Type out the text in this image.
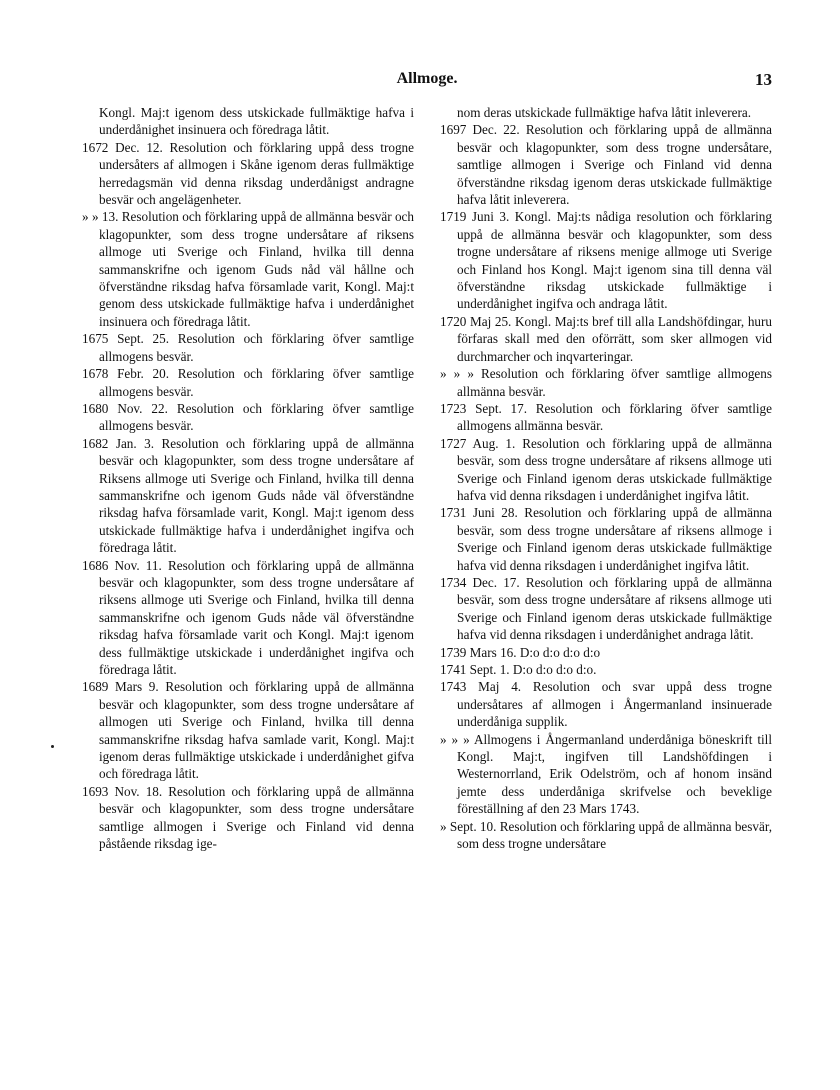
Allmoge.	13

Kongl. Maj:t igenom dess utskickade fullmäktige hafva i underdånighet insinuera och föredraga låtit.

1672 Dec. 12. Resolution och förklaring uppå dess trogne undersåters af allmogen i Skåne igenom deras fullmäktige herredagsmän vid denna riksdag underdånigst andragne besvär och angelägenheter.

» » 13. Resolution och förklaring uppå de allmänna besvär och klagopunkter, som dess trogne undersåtare af riksens allmoge uti Sverige och Finland, hvilka till denna sammanskrifne och igenom Guds nåd väl hållne och öfverständne riksdag hafva församlade varit, Kongl. Maj:t genom dess utskickade fullmäktige hafva i underdånighet insinuera och föredraga låtit.

1675 Sept. 25. Resolution och förklaring öfver samtlige allmogens besvär.

1678 Febr. 20. Resolution och förklaring öfver samtlige allmogens besvär.

1680 Nov. 22. Resolution och förklaring öfver samtlige allmogens besvär.

1682 Jan. 3. Resolution och förklaring uppå de allmänna besvär och klagopunkter, som dess trogne undersåtare af Riksens allmoge uti Sverige och Finland, hvilka till denna sammanskrifne och igenom Guds nåde väl öfverständne riksdag hafva församlade varit, Kongl. Maj:t igenom dess utskickade fullmäktige hafva i underdånighet ingifva och föredraga låtit.

1686 Nov. 11. Resolution och förklaring uppå de allmänna besvär och klagopunkter, som dess trogne undersåtare af riksens allmoge uti Sverige och Finland, hvilka till denna sammanskrifne och igenom Guds nåde väl öfverständne riksdag hafva församlade varit och Kongl. Maj:t igenom dess fullmäktige utskickade i underdånighet ingifva och föredraga låtit.

1689 Mars 9. Resolution och förklaring uppå de allmänna besvär och klagopunkter, som dess trogne undersåtare af allmogen uti Sverige och Finland, hvilka till denna sammanskrifne riksdag hafva samlade varit, Kongl. Maj:t igenom deras fullmäktige utskickade i underdånighet gifva och föredraga låtit.

1693 Nov. 18. Resolution och förklaring uppå de allmänna besvär och klagopunkter, som dess trogne undersåtare samtlige allmogen i Sverige och Finland vid denna påstående riksdag ige-

nom deras utskickade fullmäktige hafva låtit inleverera.

1697 Dec. 22. Resolution och förklaring uppå de allmänna besvär och klagopunkter, som dess trogne undersåtare, samtlige allmogen i Sverige och Finland vid denna öfverständne riksdag igenom deras utskickade fullmäktige hafva låtit inleverera.

1719 Juni 3. Kongl. Maj:ts nådiga resolution och förklaring uppå de allmänna besvär och klagopunkter, som dess trogne undersåtare af riksens menige allmoge uti Sverige och Finland hos Kongl. Maj:t igenom sina till denna väl öfverständne riksdag utskickade fullmäktige i underdånighet ingifva och andraga låtit.

1720 Maj 25. Kongl. Maj:ts bref till alla Landshöfdingar, huru förfaras skall med den oförrätt, som sker allmogen vid durchmarcher och inqvarteringar.

» » » Resolution och förklaring öfver samtlige allmogens allmänna besvär.

1723 Sept. 17. Resolution och förklaring öfver samtlige allmogens allmänna besvär.

1727 Aug. 1. Resolution och förklaring uppå de allmänna besvär, som dess trogne undersåtare af riksens allmoge uti Sverige och Finland igenom deras utskickade fullmäktige hafva vid denna riksdagen i underdånighet ingifva låtit.

1731 Juni 28. Resolution och förklaring uppå de allmänna besvär, som dess trogne undersåtare af riksens allmoge i Sverige och Finland igenom deras utskickade fullmäktige hafva vid denna riksdagen i underdånighet ingifva låtit.

1734 Dec. 17. Resolution och förklaring uppå de allmänna besvär, som dess trogne undersåtare af riksens allmoge uti Sverige och Finland igenom deras utskickade fullmäktige hafva vid denna riksdagen i underdånighet andraga låtit.

1739 Mars 16. D:o d:o d:o d:o

1741 Sept. 1. D:o d:o d:o d:o.

1743 Maj 4. Resolution och svar uppå dess trogne undersåtares af allmogen i Ångermanland insinuerade underdåniga supplik.

» » » Allmogens i Ångermanland underdåniga böneskrift till Kongl. Maj:t, ingifven till Landshöfdingen i Westernorrland, Erik Odelström, och af honom insänd jemte dess underdåniga skrifvelse och beveklige föreställning af den 23 Mars 1743.

» Sept. 10. Resolution och förklaring uppå de allmänna besvär, som dess trogne undersåtare
